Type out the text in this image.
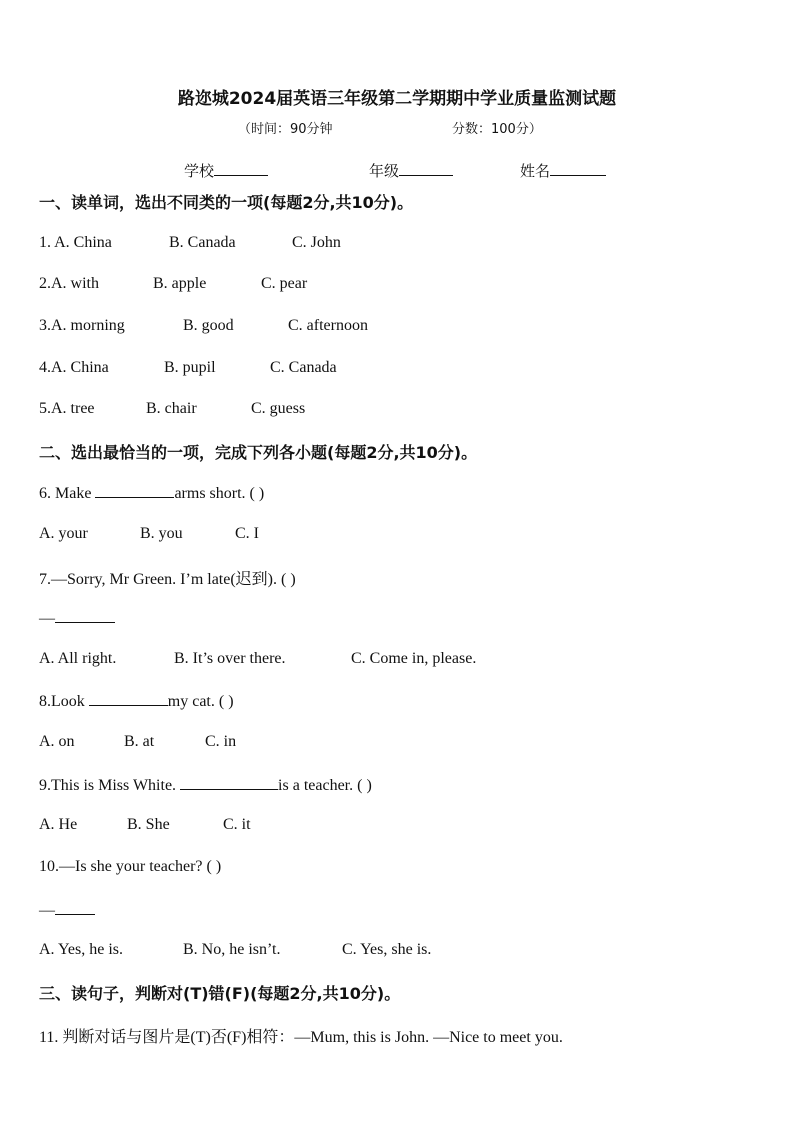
路迩城2024届英语三年级第二学期期中学业质量监测试题
（时间：90分钟	分数：100分）
学校	年级	姓名
一、读单词，选出不同类的一项(每题2分,共10分)。
1. A. China	B. Canada	C. John
2.A. with	B. apple	C. pear
3.A. morning	B. good	C. afternoon
4.A. China	B. pupil	C. Canada
5.A. tree	B. chair	C. guess
二、选出最恰当的一项，完成下列各小题(每题2分,共10分)。
6. Make	arms short. ( )
A. your	B. you	C. I
7.—Sorry, Mr Green. I’m late(迟到). ( )
—
A. All right.	B. It’s over there.	C. Come in, please.
8.Look	my cat. ( )
A. on	B. at	C. in
9.This is Miss White.	is a teacher. ( )
A. He	B. She	C. it
10.—Is she your teacher? ( )
—
A. Yes, he is.	B. No, he isn’t.	C. Yes, she is.
三、读句子，判断对(T)错(F)(每题2分,共10分)。
11. 判断对话与图片是(T)否(F)相符：—Mum, this is John. —Nice to meet you.
